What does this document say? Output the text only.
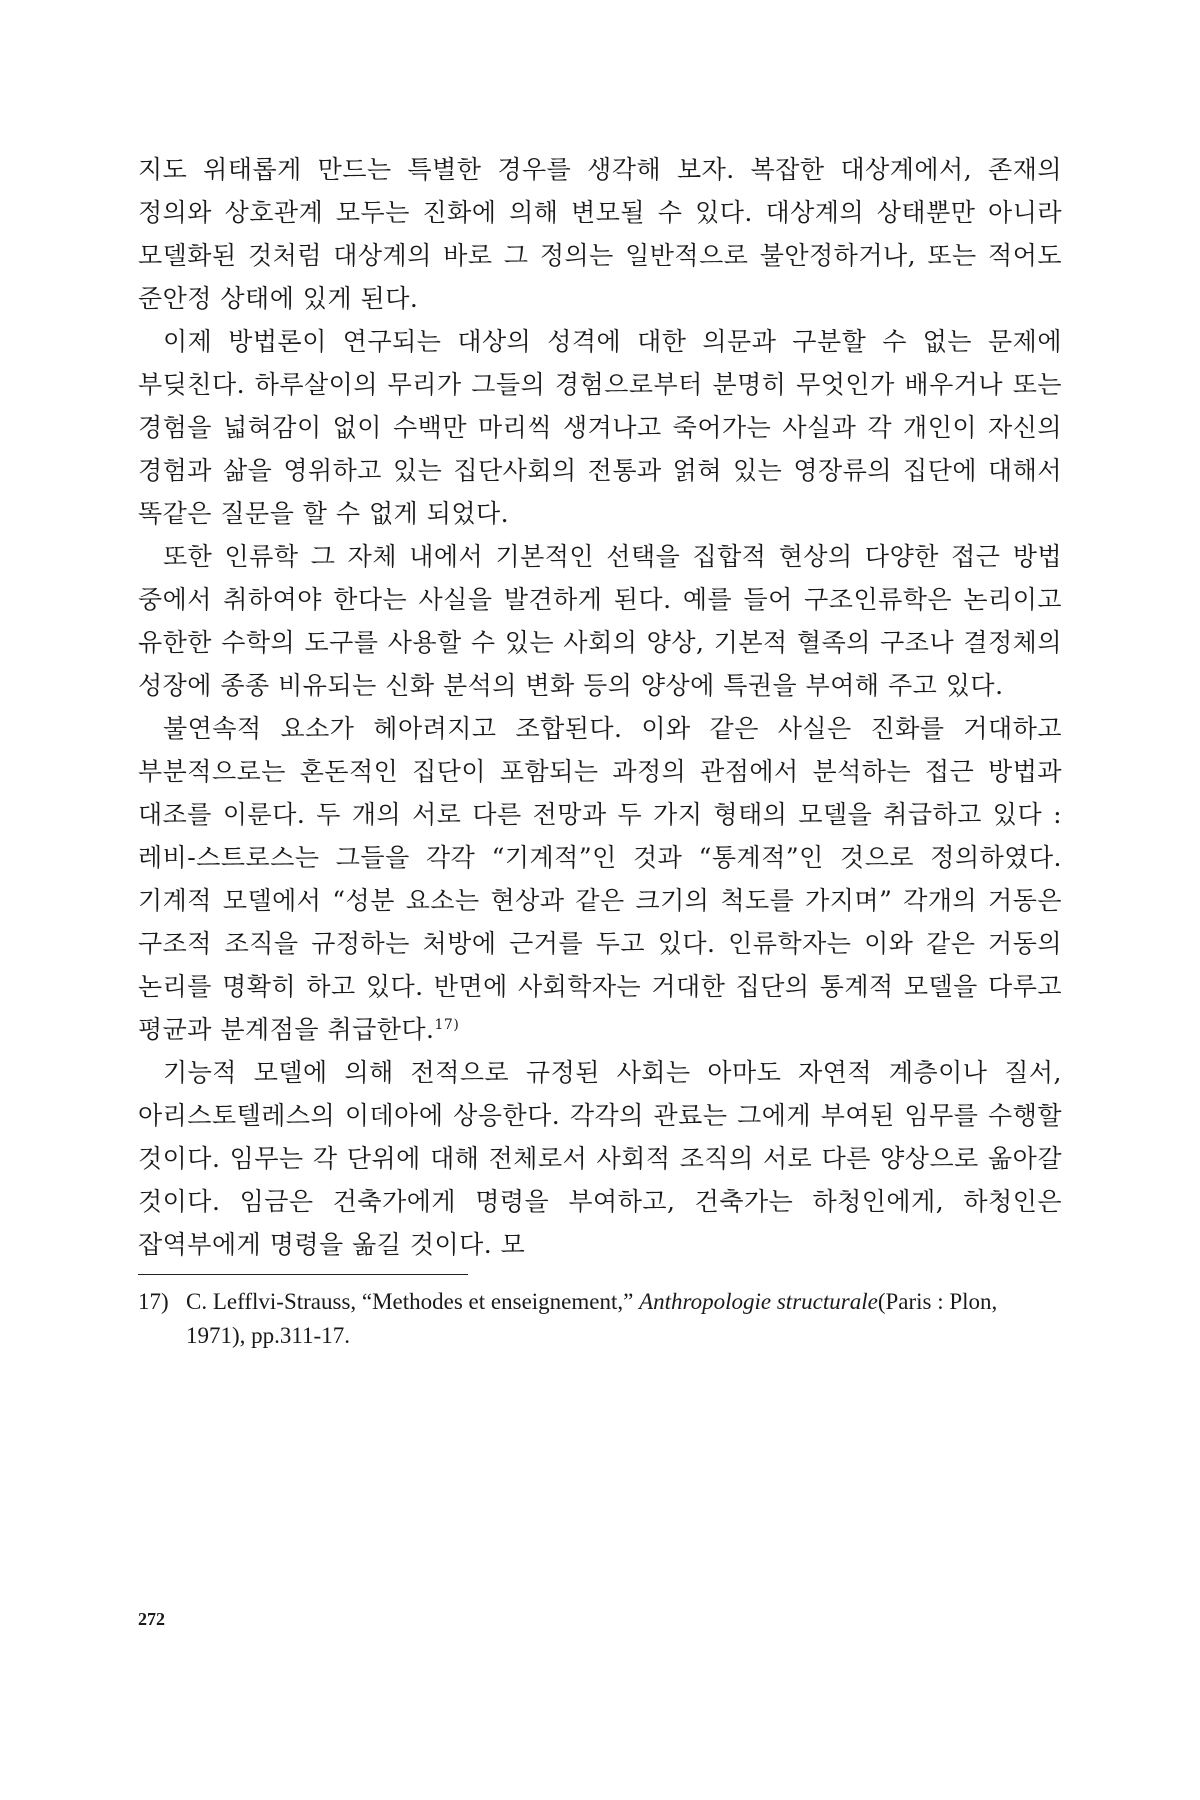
지도 위태롭게 만드는 특별한 경우를 생각해 보자. 복잡한 대상계에서, 존재의 정의와 상호관계 모두는 진화에 의해 변모될 수 있다. 대상계의 상태뿐만 아니라 모델화된 것처럼 대상계의 바로 그 정의는 일반적으로 불안정하거나, 또는 적어도 준안정 상태에 있게 된다.

이제 방법론이 연구되는 대상의 성격에 대한 의문과 구분할 수 없는 문제에 부딪친다. 하루살이의 무리가 그들의 경험으로부터 분명히 무엇인가 배우거나 또는 경험을 넓혀감이 없이 수백만 마리씩 생겨나고 죽어가는 사실과 각 개인이 자신의 경험과 삶을 영위하고 있는 집단사회의 전통과 얽혀 있는 영장류의 집단에 대해서 똑같은 질문을 할 수 없게 되었다.

또한 인류학 그 자체 내에서 기본적인 선택을 집합적 현상의 다양한 접근 방법 중에서 취하여야 한다는 사실을 발견하게 된다. 예를 들어 구조인류학은 논리이고 유한한 수학의 도구를 사용할 수 있는 사회의 양상, 기본적 혈족의 구조나 결정체의 성장에 종종 비유되는 신화 분석의 변화 등의 양상에 특권을 부여해 주고 있다.

불연속적 요소가 헤아려지고 조합된다. 이와 같은 사실은 진화를 거대하고 부분적으로는 혼돈적인 집단이 포함되는 과정의 관점에서 분석하는 접근 방법과 대조를 이룬다. 두 개의 서로 다른 전망과 두 가지 형태의 모델을 취급하고 있다 : 레비-스트로스는 그들을 각각 “기계적”인 것과 “통계적”인 것으로 정의하였다. 기계적 모델에서 “성분 요소는 현상과 같은 크기의 척도를 가지며” 각개의 거동은 구조적 조직을 규정하는 처방에 근거를 두고 있다. 인류학자는 이와 같은 거동의 논리를 명확히 하고 있다. 반면에 사회학자는 거대한 집단의 통계적 모델을 다루고 평균과 분계점을 취급한다.$^{17)}$

기능적 모델에 의해 전적으로 규정된 사회는 아마도 자연적 계층이나 질서, 아리스토텔레스의 이데아에 상응한다. 각각의 관료는 그에게 부여된 임무를 수행할 것이다. 임무는 각 단위에 대해 전체로서 사회적 조직의 서로 다른 양상으로 옮아갈 것이다. 임금은 건축가에게 명령을 부여하고, 건축가는 하청인에게, 하청인은 잡역부에게 명령을 옮길 것이다. 모

17) C. Lefflvi-Strauss, “Methodes et enseignement,” Anthropologie structurale(Paris : Plon, 1971), pp.311-17.

272
